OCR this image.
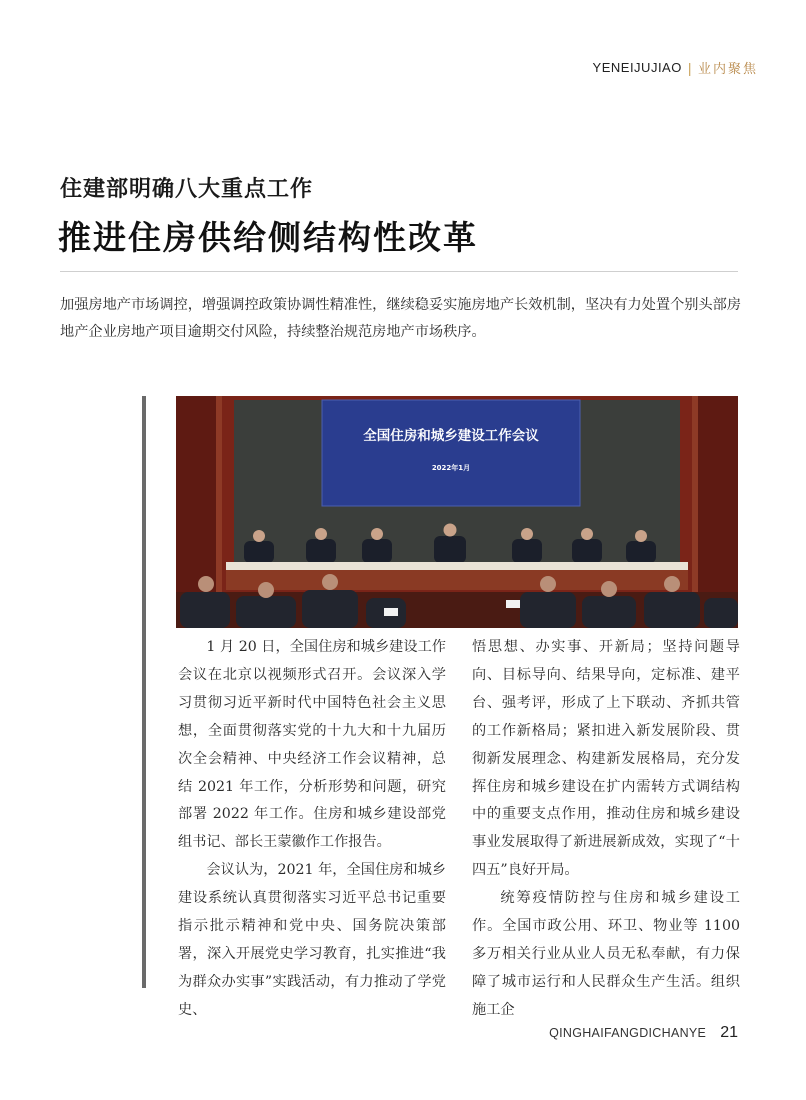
YENEIJUJIAO | 业内聚焦
住建部明确八大重点工作
推进住房供给侧结构性改革
加强房地产市场调控，增强调控政策协调性精准性，继续稳妥实施房地产长效机制，坚决有力处置个别头部房地产企业房地产项目逾期交付风险，持续整治规范房地产市场秩序。
全国住房和城乡建设工作会议
2022年1月

1 月 20 日，全国住房和城乡建设工作会议在北京以视频形式召开。会议深入学习贯彻习近平新时代中国特色社会主义思想，全面贯彻落实党的十九大和十九届历次全会精神、中央经济工作会议精神，总结 2021 年工作，分析形势和问题，研究部署 2022 年工作。住房和城乡建设部党组书记、部长王蒙徽作工作报告。

会议认为，2021 年，全国住房和城乡建设系统认真贯彻落实习近平总书记重要指示批示精神和党中央、国务院决策部署，深入开展党史学习教育，扎实推进“我为群众办实事”实践活动，有力推动了学党史、

悟思想、办实事、开新局；坚持问题导向、目标导向、结果导向，定标准、建平台、强考评，形成了上下联动、齐抓共管的工作新格局；紧扣进入新发展阶段、贯彻新发展理念、构建新发展格局，充分发挥住房和城乡建设在扩内需转方式调结构中的重要支点作用，推动住房和城乡建设事业发展取得了新进展新成效，实现了“十四五”良好开局。

统筹疫情防控与住房和城乡建设工作。全国市政公用、环卫、物业等 1100 多万相关行业从业人员无私奉献，有力保障了城市运行和人民群众生产生活。组织施工企

QINGHAIFANGDICHANYE 21
